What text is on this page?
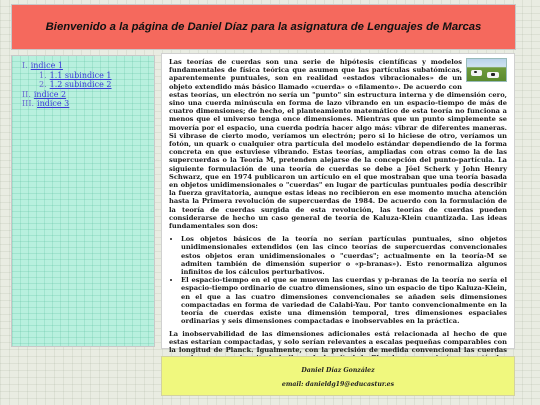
Bienvenido a la página de Daniel Díaz para la asignatura de Lenguajes de Marcas
I. indice 1
1. 1.1 subindice 1
2. 1.2 subindice 2
II. indice 2
III. indice 3

Las teorías de cuerdas son una serie de hipótesis científicas y modelos fundamentales de física teórica que asumen que las partículas subatómicas, aparentemente puntuales, son en realidad «estados vibracionales» de un objeto extendido más básico llamado «cuerda» o «filamento». De acuerdo con estas teorías, un electrón no sería un "punto" sin estructura interna y de dimensión cero, sino una cuerda minúscula en forma de lazo vibrando en un espacio-tiempo de más de cuatro dimensiones; de hecho, el planteamiento matemático de esta teoría no funciona a menos que el universo tenga once dimensiones. Mientras que un punto simplemente se movería por el espacio, una cuerda podría hacer algo más: vibrar de diferentes maneras. Si vibrase de cierto modo, veríamos un electrón; pero si lo hiciese de otro, veríamos un fotón, un quark o cualquier otra partícula del modelo estándar dependiendo de la forma concreta en que estuviese vibrando. Estas teorías, ampliadas con otras como la de las supercuerdas o la Teoría M, pretenden alejarse de la concepción del punto-partícula. La siguiente formulación de una teoría de cuerdas se debe a Jöel Scherk y John Henry Schwarz, que en 1974 publicaron un artículo en el que mostraban que una teoría basada en objetos unidimensionales o "cuerdas" en lugar de partículas puntuales podía describir la fuerza gravitatoria, aunque estas ideas no recibieron en ese momento mucha atención hasta la Primera revolución de supercuerdas de 1984. De acuerdo con la formulación de la teoría de cuerdas surgida de esta revolución, las teorías de cuerdas pueden considerarse de hecho un caso general de teoría de Kaluza-Klein cuantizada. Las ideas fundamentales son dos:

• Los objetos básicos de la teoría no serían partículas puntuales, sino objetos unidimensionales extendidos (en las cinco teorías de supercuerdas convencionales estos objetos eran unidimensionales o "cuerdas"; actualmente en la teoría-M se admiten también de dimensión superior o «p-branas»). Esto renormaliza algunos infinitos de los cálculos perturbativos.
• El espacio-tiempo en el que se mueven las cuerdas y p-branas de la teoría no sería el espacio-tiempo ordinario de cuatro dimensiones, sino un espacio de tipo Kaluza-Klein, en el que a las cuatro dimensiones convencionales se añaden seis dimensiones compactadas en forma de variedad de Calabi-Yau. Por tanto convencionalmente en la teoría de cuerdas existe una dimensión temporal, tres dimensiones espaciales ordinarias y seis dimensiones compactadas e inobservables en la práctica.

La inobservabilidad de las dimensiones adicionales está relacionada al hecho de que estas estarían compactadas, y solo serían relevantes a escalas pequeñas comparables con la longitud de Planck. Igualmente, con la precisión de medida convencional las cuerdas

Daniel Díaz González
email: danieldg19@educastur.es
